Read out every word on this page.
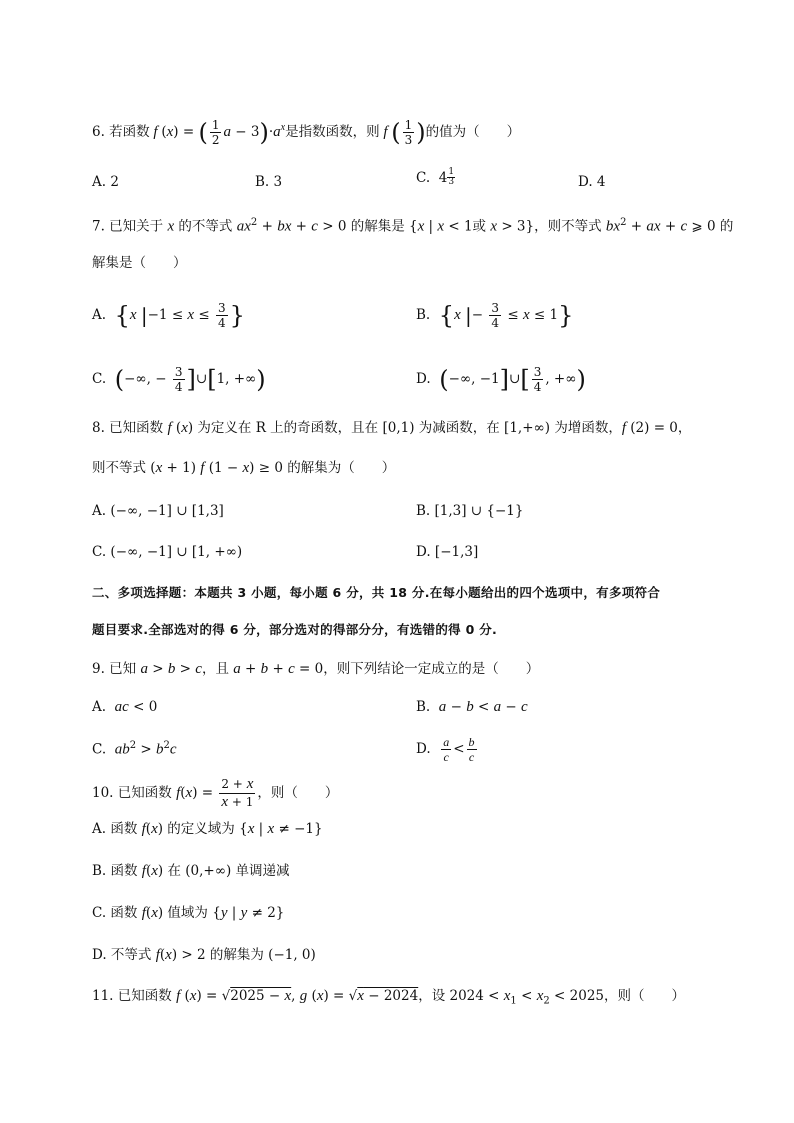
6. 若函数 f (x) = ( $\frac{1}{2}$ $a - 3)\cdot a^x$是指数函数，则 f ( $\frac{1}{3}$ )的值为（　　）
A. 2	B. 3	C.  $4 \frac{1}{3}$	D. 4
7. 已知关于 x 的不等式 $ax^2$ + bx + c > 0 的解集是 {x | x < 1或 x > 3}，则不等式 $bx^2$ + ax + c ⩾ 0 的
解集是（　　）
A.  {x $|-1 \le x \le \frac{3}{4}$ }	B.  {x |− $\frac{3}{4} \le x \le 1$}
C.  (−∞, − $\frac{3}{4}$ ]∪[1, +∞)	D.  (−∞, −1]∪[ $\frac{3}{4}$ , +∞)
8. 已知函数 f (x) 为定义在 R 上的奇函数，且在 [0,1) 为减函数，在 [1,+∞) 为增函数，f (2) = 0，
则不等式 (x + 1) f (1 − x) ≥ 0 的解集为（　　）
A. (−∞, −1] ∪ [1,3]	B. [1,3] ∪ {−1}
C. (−∞, −1] ∪ [1, +∞)	D. [−1,3]
二、多项选择题：本题共 3 小题，每小题 6 分，共 18 分.在每小题给出的四个选项中，有多项符合
题目要求.全部选对的得 6 分，部分选对的得部分分，有选错的得 0 分.
9. 已知 a > b > c，且 a + b + c = 0，则下列结论一定成立的是（　　）
A.  ac < 0	B.  a − b < a − c
C.  $ab^2 > b^2c$	D. $\frac{a}{c} < \frac{b}{c}$
10. 已知函数 $f(x) = \frac{2 + x}{x + 1}$ ，则（　　）
A. 函数 f(x) 的定义域为 {x | x ≠ −1}
B. 函数 f(x) 在 (0,+∞) 单调递减
C. 函数 f(x) 值域为 {y | y ≠ 2}
D. 不等式 f(x) > 2 的解集为 (−1, 0)
11. 已知函数 f (x) = √2025 − x, g (x) = √x − 2024，设 $2024 < x_1 < x_2 < 2025$，则（　　）
